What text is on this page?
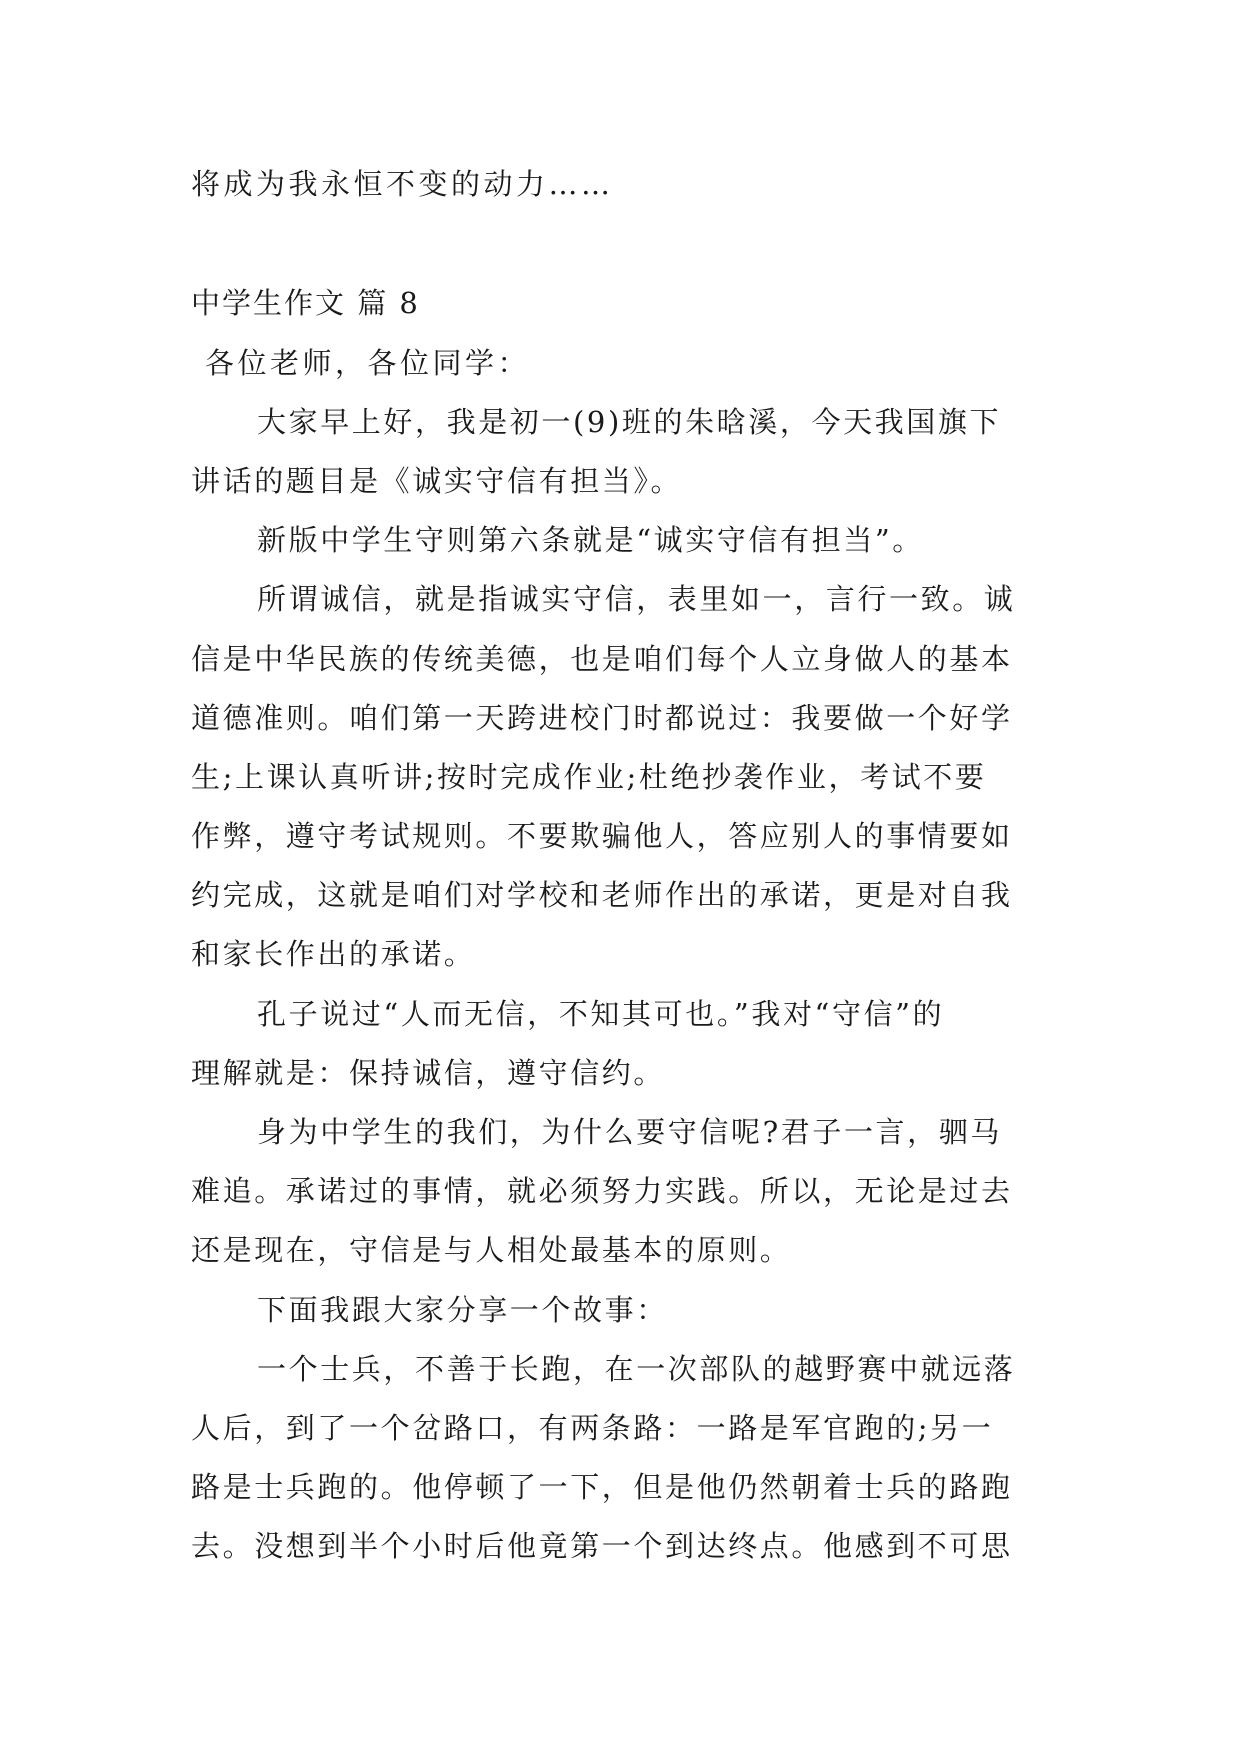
将成为我永恒不变的动力……
中学生作文 篇 8
各位老师，各位同学：
大家早上好，我是初一(9)班的朱晗溪，今天我国旗下
讲话的题目是《诚实守信有担当》。
新版中学生守则第六条就是“诚实守信有担当”。
所谓诚信，就是指诚实守信，表里如一，言行一致。诚
信是中华民族的传统美德，也是咱们每个人立身做人的基本
道德准则。咱们第一天跨进校门时都说过：我要做一个好学
生;上课认真听讲;按时完成作业;杜绝抄袭作业，考试不要
作弊，遵守考试规则。不要欺骗他人，答应别人的事情要如
约完成，这就是咱们对学校和老师作出的承诺，更是对自我
和家长作出的承诺。
孔子说过“人而无信，不知其可也。”我对“守信”的
理解就是：保持诚信，遵守信约。
身为中学生的我们，为什么要守信呢?君子一言，驷马
难追。承诺过的事情，就必须努力实践。所以，无论是过去
还是现在，守信是与人相处最基本的原则。
下面我跟大家分享一个故事：
一个士兵，不善于长跑，在一次部队的越野赛中就远落
人后，到了一个岔路口，有两条路：一路是军官跑的;另一
路是士兵跑的。他停顿了一下，但是他仍然朝着士兵的路跑
去。没想到半个小时后他竟第一个到达终点。他感到不可思
